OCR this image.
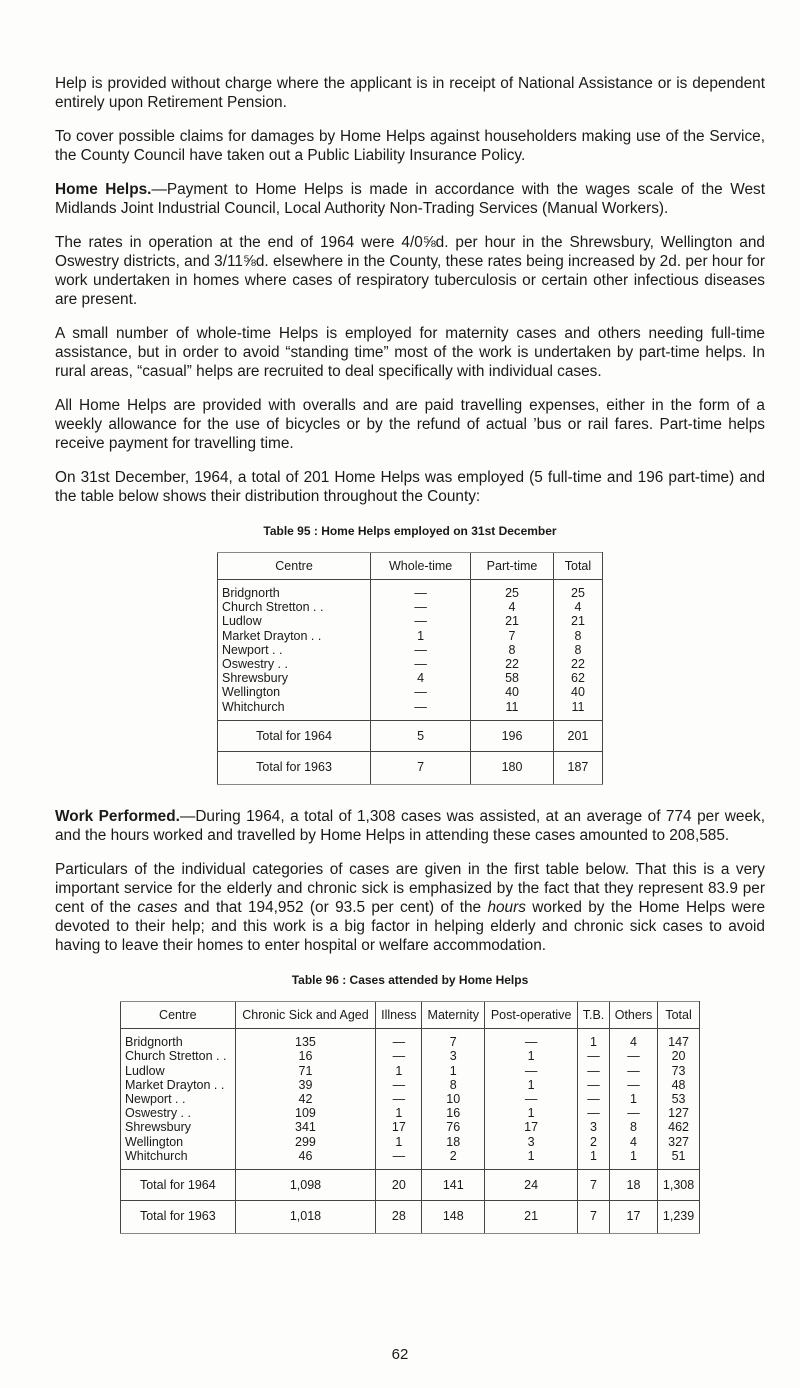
Help is provided without charge where the applicant is in receipt of National Assistance or is dependent entirely upon Retirement Pension.

To cover possible claims for damages by Home Helps against householders making use of the Service, the County Council have taken out a Public Liability Insurance Policy.

Home Helps.—Payment to Home Helps is made in accordance with the wages scale of the West Midlands Joint Industrial Council, Local Authority Non-Trading Services (Manual Workers).

The rates in operation at the end of 1964 were 4/0⅝d. per hour in the Shrewsbury, Wellington and Oswestry districts, and 3/11⅝d. elsewhere in the County, these rates being increased by 2d. per hour for work undertaken in homes where cases of respiratory tuberculosis or certain other infectious diseases are present.

A small number of whole-time Helps is employed for maternity cases and others needing full-time assistance, but in order to avoid “standing time” most of the work is undertaken by part-time helps. In rural areas, “casual” helps are recruited to deal specifically with individual cases.

All Home Helps are provided with overalls and are paid travelling expenses, either in the form of a weekly allowance for the use of bicycles or by the refund of actual ’bus or rail fares. Part-time helps receive payment for travelling time.

On 31st December, 1964, a total of 201 Home Helps was employed (5 full-time and 196 part-time) and the table below shows their distribution throughout the County:

Table 95 : Home Helps employed on 31st December
Centre	Whole-time	Part-time	Total
Bridgnorth	—	25	25
Church Stretton . .	—	4	4
Ludlow	—	21	21
Market Drayton . .	1	7	8
Newport . .	—	8	8
Oswestry . .	—	22	22
Shrewsbury	4	58	62
Wellington	—	40	40
Whitchurch	—	11	11
Total for 1964	5	196	201
Total for 1963	7	180	187

Work Performed.—During 1964, a total of 1,308 cases was assisted, at an average of 774 per week, and the hours worked and travelled by Home Helps in attending these cases amounted to 208,585.

Particulars of the individual categories of cases are given in the first table below. That this is a very important service for the elderly and chronic sick is emphasized by the fact that they represent 83.9 per cent of the cases and that 194,952 (or 93.5 per cent) of the hours worked by the Home Helps were devoted to their help; and this work is a big factor in helping elderly and chronic sick cases to avoid having to leave their homes to enter hospital or welfare accommodation.

Table 96 : Cases attended by Home Helps
Centre	Chronic Sick and Aged	Illness	Maternity	Post-operative	T.B.	Others	Total
Bridgnorth	135	—	7	—	1	4	147
Church Stretton . .	16	—	3	1	—	—	20
Ludlow	71	1	1	—	—	—	73
Market Drayton . .	39	—	8	1	—	—	48
Newport . .	42	—	10	—	—	1	53
Oswestry . .	109	1	16	1	—	—	127
Shrewsbury	341	17	76	17	3	8	462
Wellington	299	1	18	3	2	4	327
Whitchurch	46	—	2	1	1	1	51
Total for 1964	1,098	20	141	24	7	18	1,308
Total for 1963	1,018	28	148	21	7	17	1,239
62
